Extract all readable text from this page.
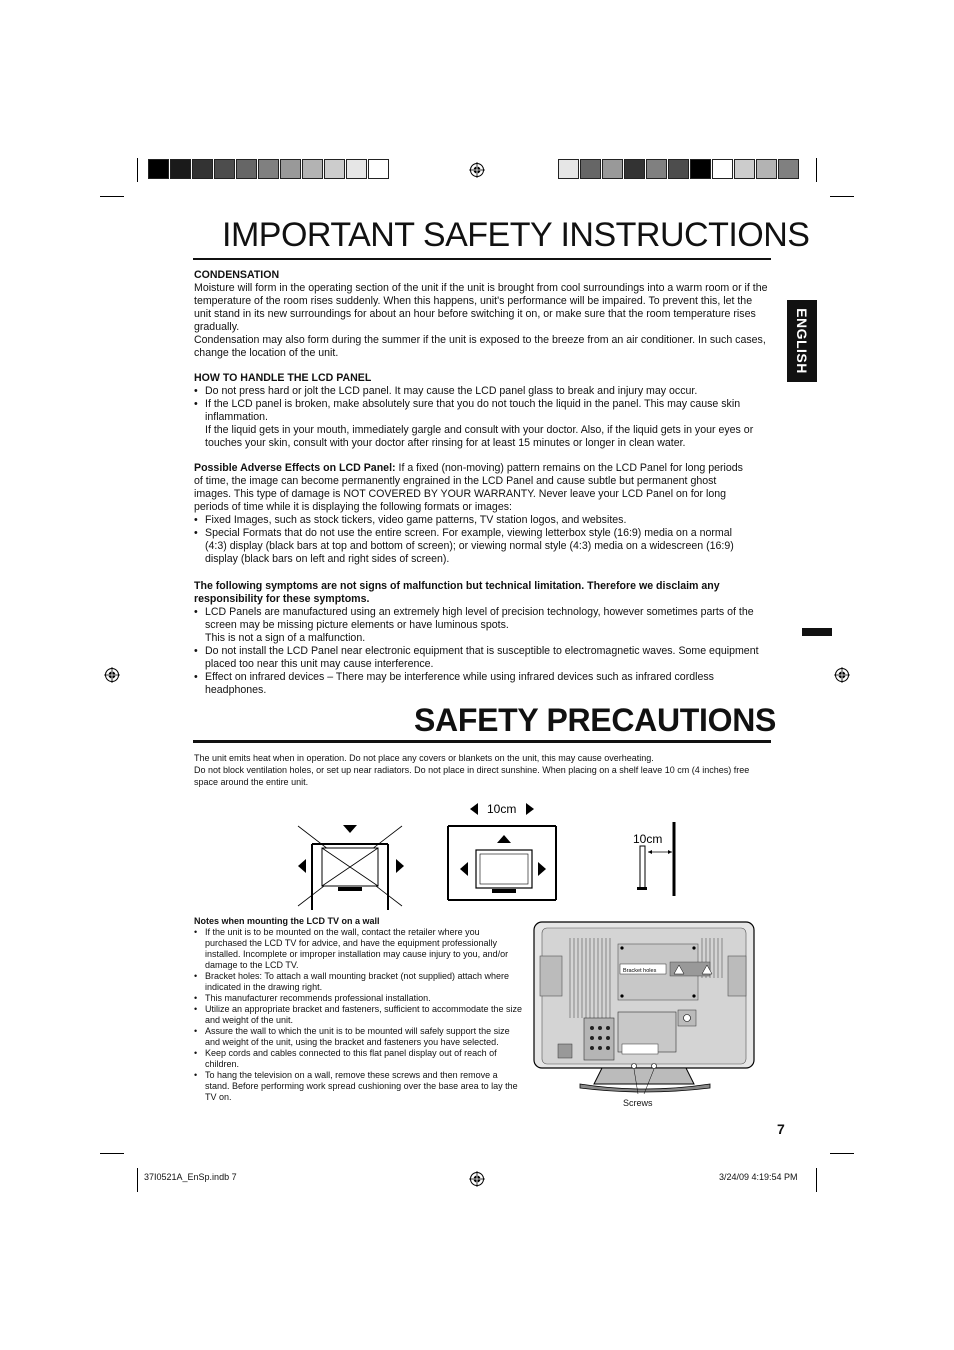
IMPORTANT SAFETY INSTRUCTIONS
ENGLISH

CONDENSATION

Moisture will form in the operating section of the unit if the unit is brought from cool surroundings into a warm room or if the temperature of the room rises suddenly. When this happens, unit's performance will be impaired. To prevent this, let the unit stand in its new surroundings for about an hour before switching it on, or make sure that the room temperature rises gradually.

Condensation may also form during the summer if the unit is exposed to the breeze from an air conditioner. In such cases, change the location of the unit.

HOW TO HANDLE THE LCD PANEL

• Do not press hard or jolt the LCD panel. It may cause the LCD panel glass to break and injury may occur.
• If the LCD panel is broken, make absolutely sure that you do not touch the liquid in the panel. This may cause skin inflammation.
If the liquid gets in your mouth, immediately gargle and consult with your doctor. Also, if the liquid gets in your eyes or touches your skin, consult with your doctor after rinsing for at least 15 minutes or longer in clean water.

Possible Adverse Effects on LCD Panel: If a fixed (non-moving) pattern remains on the LCD Panel for long periods of time, the image can become permanently engrained in the LCD Panel and cause subtle but permanent ghost images. This type of damage is NOT COVERED BY YOUR WARRANTY. Never leave your LCD Panel on for long periods of time while it is displaying the following formats or images:

• Fixed Images, such as stock tickers, video game patterns, TV station logos, and websites.
• Special Formats that do not use the entire screen. For example, viewing letterbox style (16:9) media on a normal (4:3) display (black bars at top and bottom of screen); or viewing normal style (4:3) media on a widescreen (16:9) display (black bars on left and right sides of screen).

The following symptoms are not signs of malfunction but technical limitation. Therefore we disclaim any responsibility for these symptoms.

• LCD Panels are manufactured using an extremely high level of precision technology, however sometimes parts of the screen may be missing picture elements or have luminous spots.
This is not a sign of a malfunction.
• Do not install the LCD Panel near electronic equipment that is susceptible to electromagnetic waves. Some equipment placed too near this unit may cause interference.
• Effect on infrared devices – There may be interference while using infrared devices such as infrared cordless headphones.
SAFETY PRECAUTIONS

The unit emits heat when in operation. Do not place any covers or blankets on the unit, this may cause overheating.

Do not block ventilation holes, or set up near radiators. Do not place in direct sunshine. When placing on a shelf leave 10 cm (4 inches) free space around the entire unit.

10cm
10cm

Notes when mounting the LCD TV on a wall

• If the unit is to be mounted on the wall, contact the retailer where you purchased the LCD TV for advice, and have the equipment professionally installed. Incomplete or improper installation may cause injury to you, and/or damage to the LCD TV.
• Bracket holes: To attach a wall mounting bracket (not supplied) attach where indicated in the drawing right.
• This manufacturer recommends professional installation.
• Utilize an appropriate bracket and fasteners, sufficient to accommodate the size and weight of the unit.
• Assure the wall to which the unit is to be mounted will safely support the size and weight of the unit, using the bracket and fasteners you have selected.
• Keep cords and cables connected to this flat panel display out of reach of children.
• To hang the television on a wall, remove these screws and then remove a stand. Before performing work spread cushioning over the base area to lay the TV on.
Bracket holes
Screws
7
37I0521A_EnSp.indb 7	3/24/09 4:19:54 PM
